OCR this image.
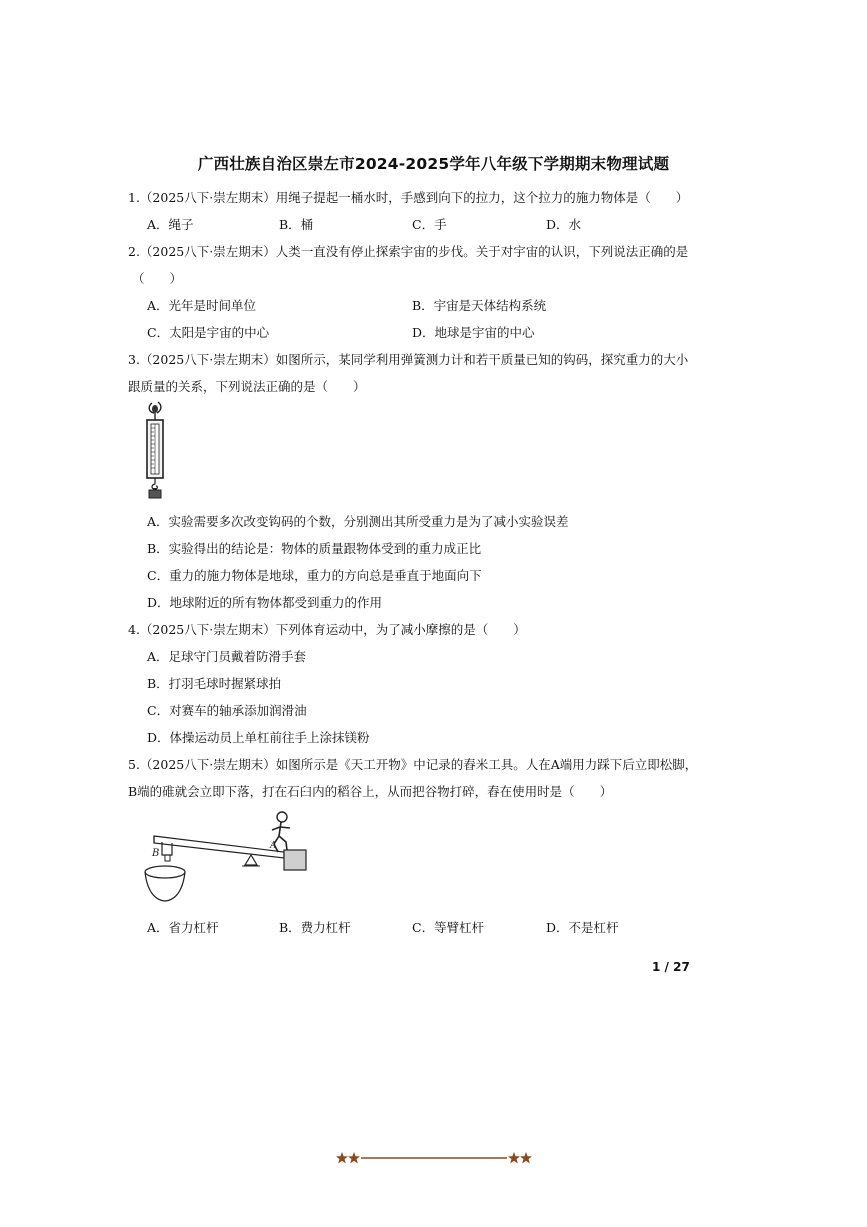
广西壮族自治区崇左市2024-2025学年八年级下学期期末物理试题
1.（2025八下·崇左期末）用绳子提起一桶水时，手感到向下的拉力，这个拉力的施力物体是（　　）
A．绳子	B．桶	C．手	D．水
2.（2025八下·崇左期末）人类一直没有停止探索宇宙的步伐。关于对宇宙的认识，下列说法正确的是
（　　）
A．光年是时间单位	B．宇宙是天体结构系统
C．太阳是宇宙的中心	D．地球是宇宙的中心
3.（2025八下·崇左期末）如图所示，某同学利用弹簧测力计和若干质量已知的钩码，探究重力的大小
跟质量的关系，下列说法正确的是（　　）
A．实验需要多次改变钩码的个数，分别测出其所受重力是为了减小实验误差
B．实验得出的结论是：物体的质量跟物体受到的重力成正比
C．重力的施力物体是地球，重力的方向总是垂直于地面向下
D．地球附近的所有物体都受到重力的作用
4.（2025八下·崇左期末）下列体育运动中，为了减小摩擦的是（　　）
A．足球守门员戴着防滑手套
B．打羽毛球时握紧球拍
C．对赛车的轴承添加润滑油
D．体操运动员上单杠前往手上涂抹镁粉
5.（2025八下·崇左期末）如图所示是《天工开物》中记录的舂米工具。人在A端用力踩下后立即松脚，
B端的碓就会立即下落，打在石臼内的稻谷上，从而把谷物打碎，舂在使用时是（　　）
B
A
A．省力杠杆	B．费力杠杆	C．等臂杠杆	D．不是杠杆
1 / 27
